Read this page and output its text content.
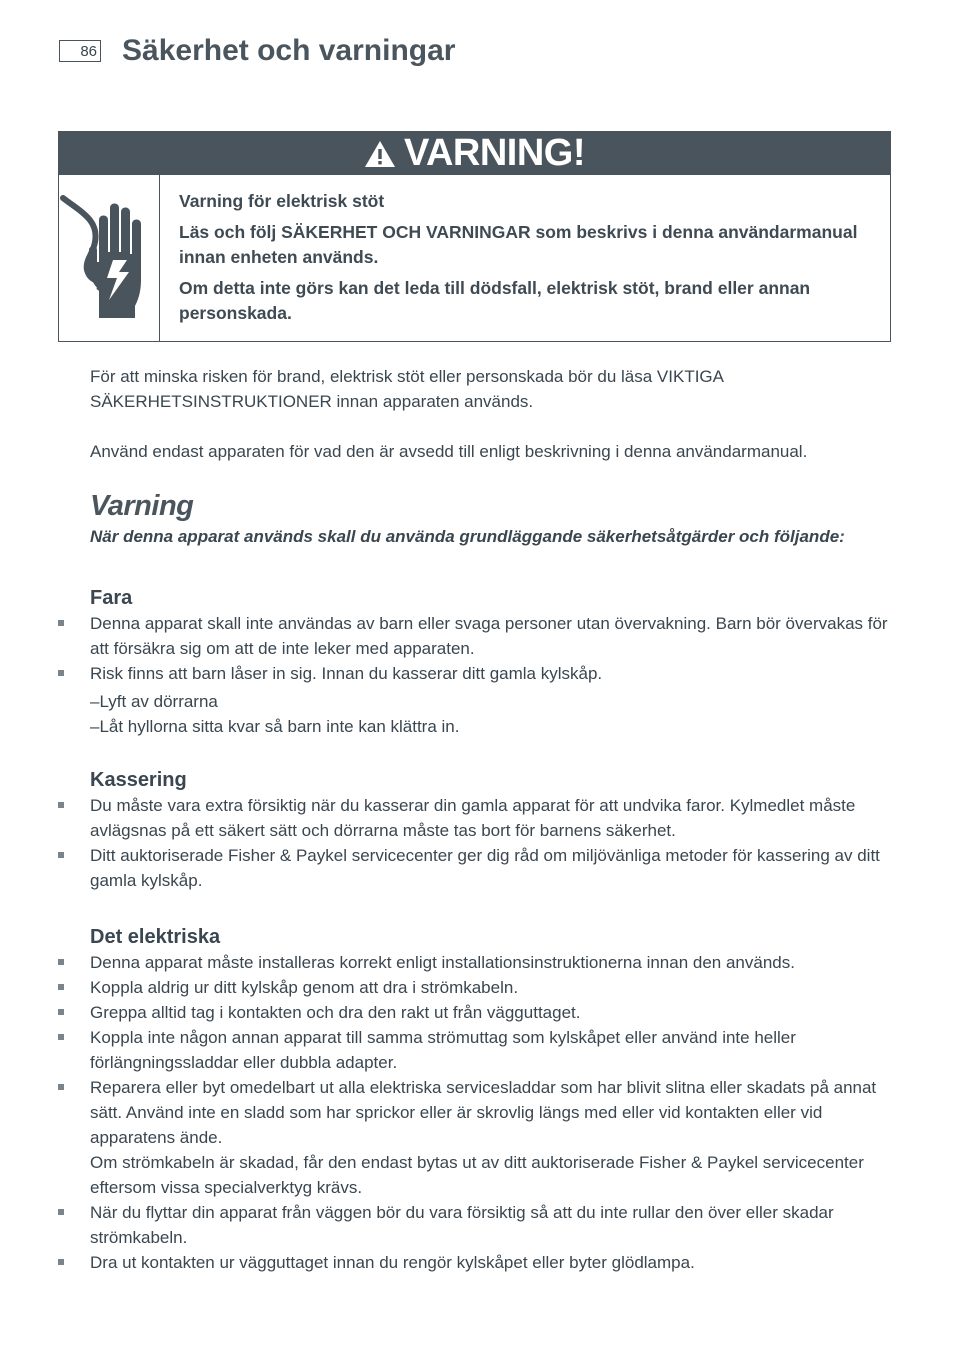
86 Säkerhet och varningar
VARNING!

Varning för elektrisk stöt

Läs och följ SÄKERHET OCH VARNINGAR som beskrivs i denna användarmanual innan enheten används.

Om detta inte görs kan det leda till dödsfall, elektrisk stöt, brand eller annan personskada.

För att minska risken för brand, elektrisk stöt eller personskada bör du läsa VIKTIGA SÄKERHETSINSTRUKTIONER innan apparaten används.

Använd endast apparaten för vad den är avsedd till enligt beskrivning i denna användarmanual.

Varning

När denna apparat används skall du använda grundläggande säkerhetsåtgärder och följande:

Fara
Denna apparat skall inte användas av barn eller svaga personer utan övervakning. Barn bör övervakas för att försäkra sig om att de inte leker med apparaten.
Risk finns att barn låser in sig. Innan du kasserar ditt gamla kylskåp.
–Lyft av dörrarna
–Låt hyllorna sitta kvar så barn inte kan klättra in.
Kassering
Du måste vara extra försiktig när du kasserar din gamla apparat för att undvika faror. Kylmedlet måste avlägsnas på ett säkert sätt och dörrarna måste tas bort för barnens säkerhet.
Ditt auktoriserade Fisher & Paykel servicecenter ger dig råd om miljövänliga metoder för kassering av ditt gamla kylskåp.
Det elektriska
Denna apparat måste installeras korrekt enligt installationsinstruktionerna innan den används.
Koppla aldrig ur ditt kylskåp genom att dra i strömkabeln.
Greppa alltid tag i kontakten och dra den rakt ut från vägguttaget.
Koppla inte någon annan apparat till samma strömuttag som kylskåpet eller använd inte heller förlängningssladdar eller dubbla adapter.
Reparera eller byt omedelbart ut alla elektriska servicesladdar som har blivit slitna eller skadats på annat sätt. Använd inte en sladd som har sprickor eller är skrovlig längs med eller vid kontakten eller vid apparatens ände.
Om strömkabeln är skadad, får den endast bytas ut av ditt auktoriserade Fisher & Paykel servicecenter eftersom vissa specialverktyg krävs.
När du flyttar din apparat från väggen bör du vara försiktig så att du inte rullar den över eller skadar strömkabeln.
Dra ut kontakten ur vägguttaget innan du rengör kylskåpet eller byter glödlampa.
